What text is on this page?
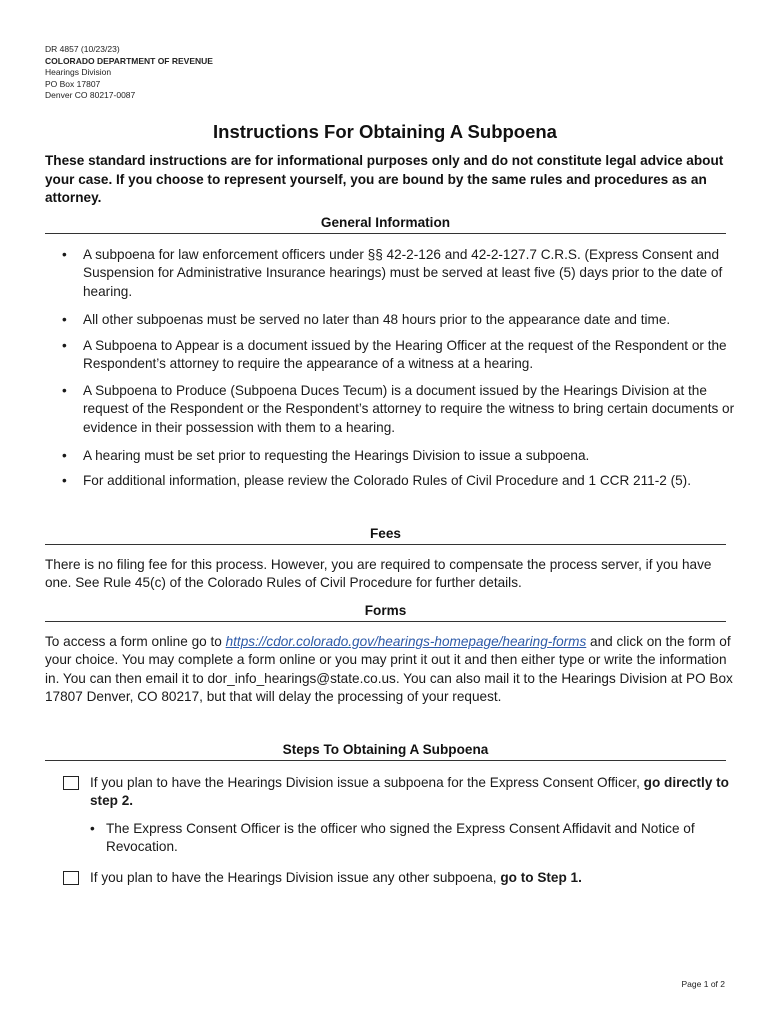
DR 4857 (10/23/23)
COLORADO DEPARTMENT OF REVENUE
Hearings Division
PO Box 17807
Denver CO 80217-0087
Instructions For Obtaining A Subpoena
These standard instructions are for informational purposes only and do not constitute legal advice about your case. If you choose to represent yourself, you are bound by the same rules and procedures as an attorney.
General Information
• A subpoena for law enforcement officers under §§ 42-2-126 and 42-2-127.7 C.R.S. (Express Consent and Suspension for Administrative Insurance hearings) must be served at least five (5) days prior to the date of hearing.
• All other subpoenas must be served no later than 48 hours prior to the appearance date and time.
• A Subpoena to Appear is a document issued by the Hearing Officer at the request of the Respondent or the Respondent’s attorney to require the appearance of a witness at a hearing.
• A Subpoena to Produce (Subpoena Duces Tecum) is a document issued by the Hearings Division at the request of the Respondent or the Respondent’s attorney to require the witness to bring certain documents or evidence in their possession with them to a hearing.
• A hearing must be set prior to requesting the Hearings Division to issue a subpoena.
• For additional information, please review the Colorado Rules of Civil Procedure and 1 CCR 211-2 (5).
Fees
There is no filing fee for this process. However, you are required to compensate the process server, if you have one. See Rule 45(c) of the Colorado Rules of Civil Procedure for further details.
Forms
To access a form online go to https://cdor.colorado.gov/hearings-homepage/hearing-forms and click on the form of your choice. You may complete a form online or you may print it out it and then either type or write the information in. You can then email it to dor_info_hearings@state.co.us. You can also mail it to the Hearings Division at PO Box 17807 Denver, CO 80217, but that will delay the processing of your request.
Steps To Obtaining A Subpoena
If you plan to have the Hearings Division issue a subpoena for the Express Consent Officer, go directly to step 2.
• The Express Consent Officer is the officer who signed the Express Consent Affidavit and Notice of Revocation.
If you plan to have the Hearings Division issue any other subpoena, go to Step 1.
Page 1 of 2
